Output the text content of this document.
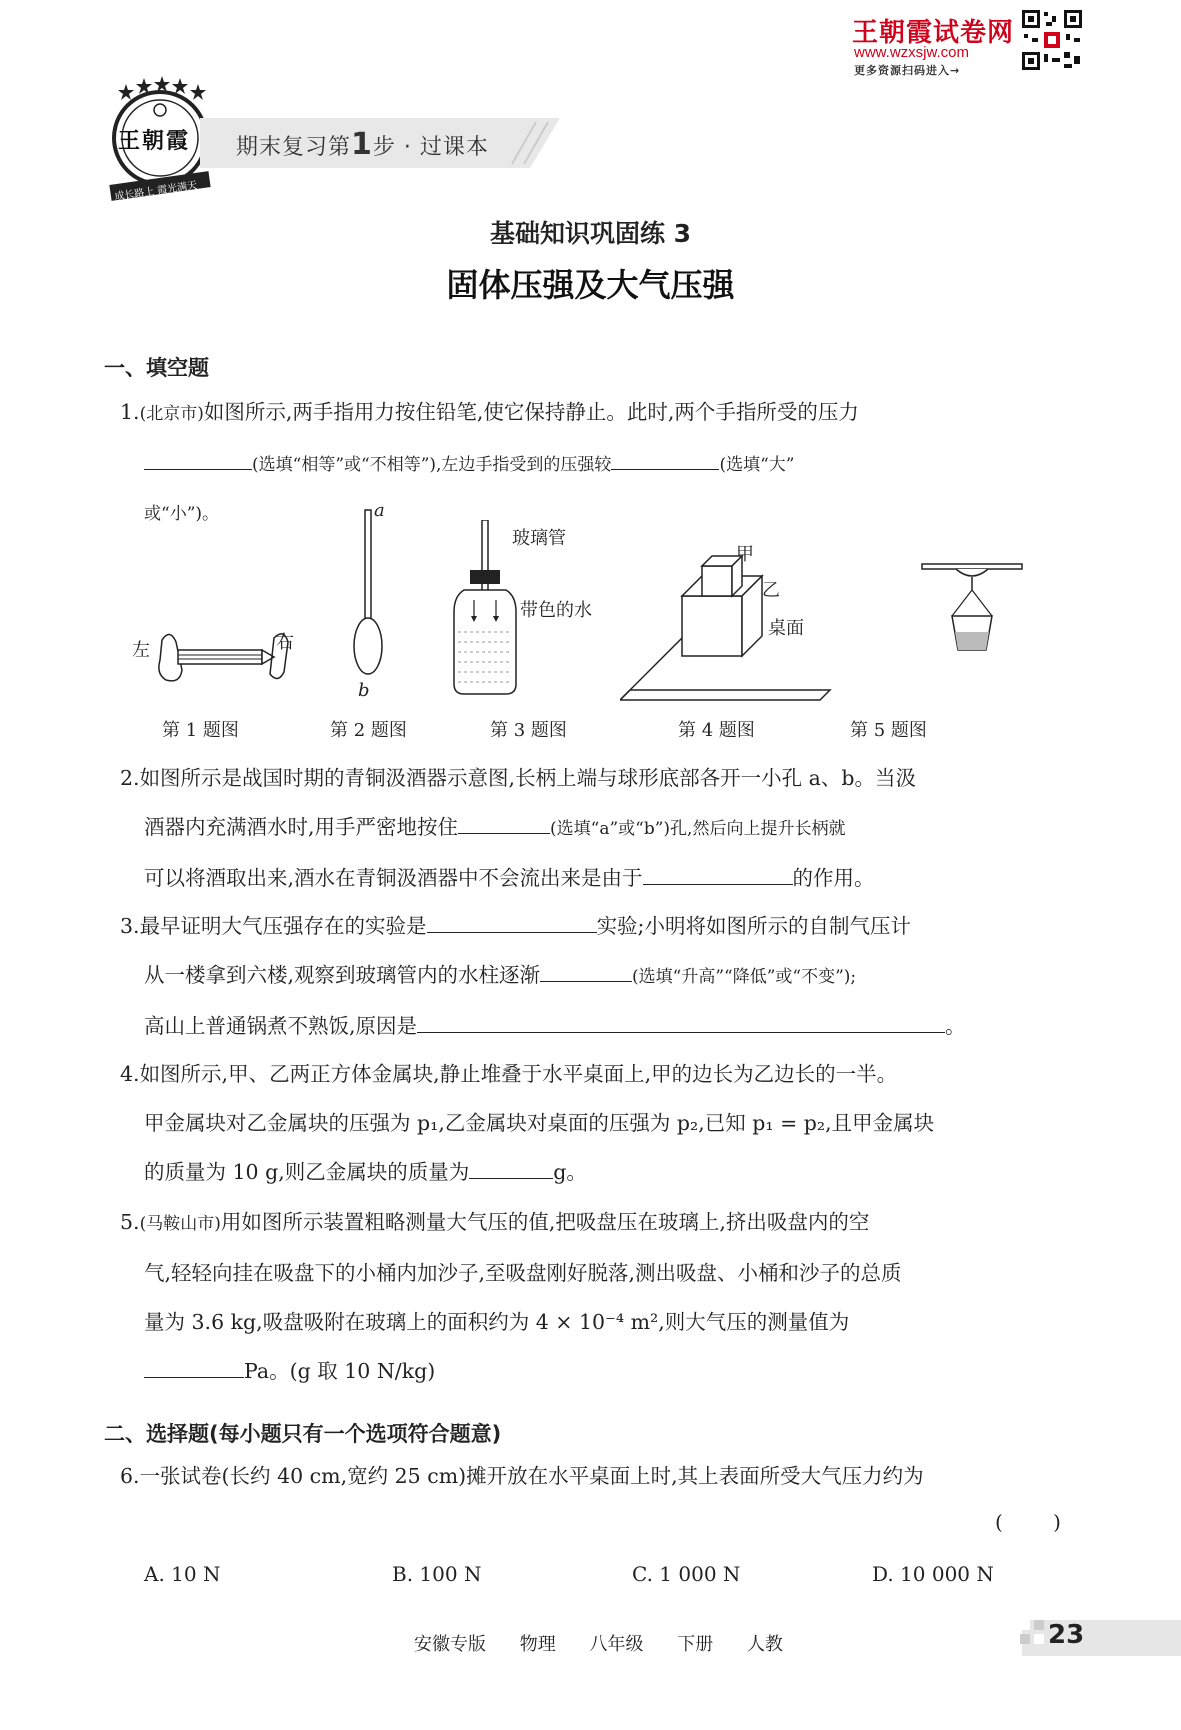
王朝霞试卷网
www.wzxsjw.com
更多资源扫码进入→
王朝霞
成长路上 霞光满天
期末复习第1步 · 过课本
基础知识巩固练 3
固体压强及大气压强
一、填空题
1.(北京市)如图所示,两手指用力按住铅笔,使它保持静止。此时,两个手指所受的压力
(选填“相等”或“不相等”),左边手指受到的压强较	(选填“大”
或“小”)。
左	右
a
b
玻璃管
带色的水
甲
乙
桌面
第 1 题图	第 2 题图	第 3 题图	第 4 题图	第 5 题图
2.如图所示是战国时期的青铜汲酒器示意图,长柄上端与球形底部各开一小孔 a、b。当汲
酒器内充满酒水时,用手严密地按住	(选填“a”或“b”)孔,然后向上提升长柄就
可以将酒取出来,酒水在青铜汲酒器中不会流出来是由于	的作用。
3.最早证明大气压强存在的实验是	实验;小明将如图所示的自制气压计
从一楼拿到六楼,观察到玻璃管内的水柱逐渐	(选填“升高”“降低”或“不变”);
高山上普通锅煮不熟饭,原因是	。
4.如图所示,甲、乙两正方体金属块,静止堆叠于水平桌面上,甲的边长为乙边长的一半。
甲金属块对乙金属块的压强为 p₁,乙金属块对桌面的压强为 p₂,已知 p₁ = p₂,且甲金属块
的质量为 10 g,则乙金属块的质量为	g。
5.(马鞍山市)用如图所示装置粗略测量大气压的值,把吸盘压在玻璃上,挤出吸盘内的空
气,轻轻向挂在吸盘下的小桶内加沙子,至吸盘刚好脱落,测出吸盘、小桶和沙子的总质
量为 3.6 kg,吸盘吸附在玻璃上的面积约为 4 × 10⁻⁴ m²,则大气压的测量值为
Pa。(g 取 10 N/kg)
二、选择题(每小题只有一个选项符合题意)
6.一张试卷(长约 40 cm,宽约 25 cm)摊开放在水平桌面上时,其上表面所受大气压力约为
( )
A. 10 N	B. 100 N	C. 1 000 N	D. 10 000 N
安徽专版 物理 八年级 下册 人教	23
